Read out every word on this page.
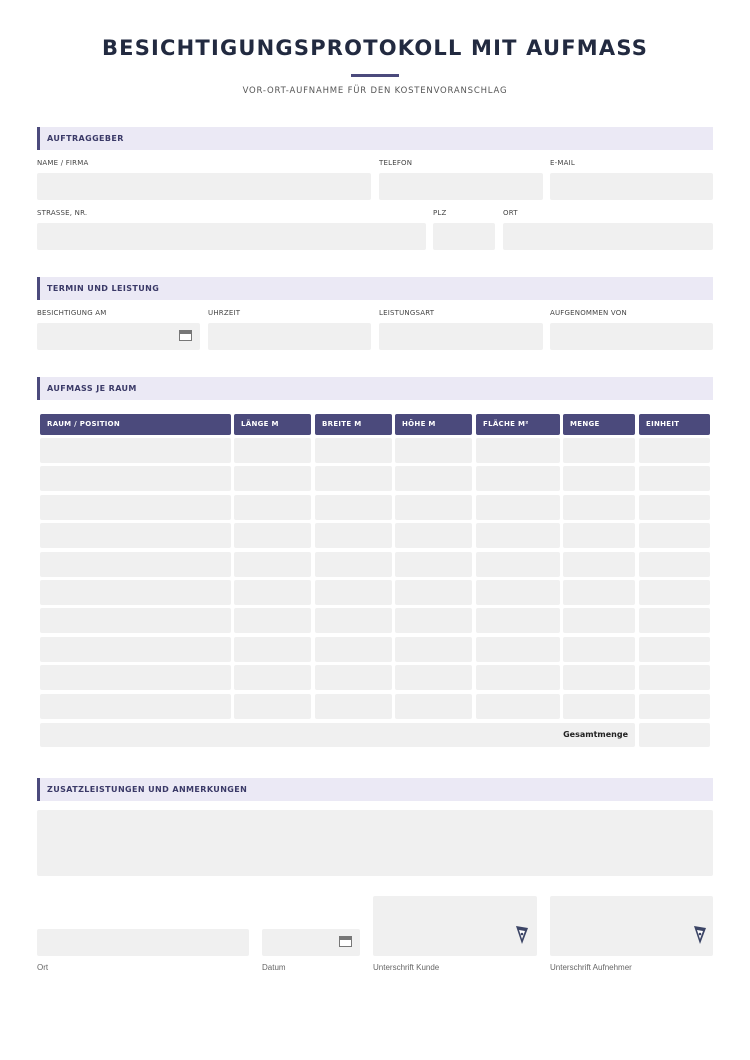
BESICHTIGUNGSPROTOKOLL MIT AUFMASS
VOR-ORT-AUFNAHME FÜR DEN KOSTENVORANSCHLAG
AUFTRAGGEBER
NAME / FIRMA	TELEFON	E-MAIL
STRASSE, NR.	PLZ	ORT
TERMIN UND LEISTUNG
BESICHTIGUNG AM	UHRZEIT	LEISTUNGSART	AUFGENOMMEN VON
AUFMASS JE RAUM
RAUM / POSITION	LÄNGE M	BREITE M	HÖHE M	FLÄCHE M²	MENGE	EINHEIT
Gesamtmenge
ZUSATZLEISTUNGEN UND ANMERKUNGEN
Ort	Datum	Unterschrift Kunde	Unterschrift Aufnehmer
